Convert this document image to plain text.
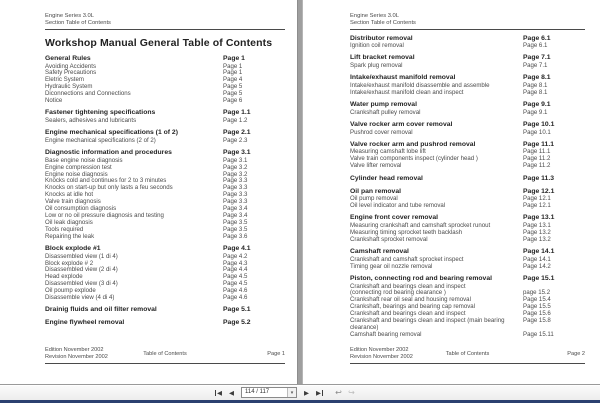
Engine Series 3.0L
Section Table of Contents
Workshop Manual General Table of Contents
General Rules	Page 1
Avoiding Accidents	Page 1
Safety Precautions	Page 1
Eletric System	Page 4
Hydraulic System	Page 5
Diconnections and Connections	Page 5
Notice	Page 6
Fastener tightening specifications	Page 1.1
Sealers, adhesives and lubricants	Page 1.2
Engine mechanical specifications (1 of 2)	Page 2.1
Engine mechanical specifications (2 of 2)	Page 2.3
Diagnostic information and procedures	Page 3.1
Base engine noise diagnosis	Page 3.1
Engine compression test	Page 3.2
Engine noise diagnosis	Page 3.2
Knocks cold and continues for 2 to 3 minutes	Page 3.3
Knocks on start-up but only lasts a feu seconds	Page 3.3
Knocks at idle hot	Page 3.3
Valve train diagnosis	Page 3.3
Oil consumption diagnosis	Page 3.4
Low or no oil pressure diagnosis and testing	Page 3.4
Oil leak diagnosis	Page 3.5
Tools required	Page 3.5
Repairing the leak	Page 3.6
Block explode #1	Page 4.1
Disassembled view (1 di 4)	Page 4.2
Block explode # 2	Page 4.3
Disassembled view (2 di 4)	Page 4.4
Head explode	Page 4.5
Disassembled view (3 di 4)	Page 4.5
Oil poump explode	Page 4.6
Disassemble view (4 di 4)	Page 4.6
Drainig fluids and oil filter removal	Page 5.1
Engine flywheel removal	Page 5.2
Edition November 2002
Revision November 2002	Table of Contents	Page 1
Engine Series 3.0L
Section Table of Contents
Distributor removal	Page 6.1
Ignition coil removal	Page 6.1
Lift bracket removal	Page 7.1
Spark plug removal	Page 7.1
Intake/exhaust manifold removal	Page 8.1
Intake/exhaust manifold disassemble and assemble	Page 8.1
Intake/exhaust manifold clean and inspect	Page 8.1
Water pump removal	Page 9.1
Crankshaft pulley removal	Page 9.1
Valve rocker arm cover removal	Page 10.1
Pushrod cover removal	Page 10.1
Valve rocker arm and pushrod removal	Page 11.1
Measuring camshaft lobe lift	Page 11.1
Valve train components inspect (cylinder head )	Page 11.2
Valve lifter removal	Page 11.2
Cylinder head removal	Page 11.3
Oil pan removal	Page 12.1
Oil pump removal	Page 12.1
Oil level indicator and tube removal	Page 12.1
Engine front cover removal	Page 13.1
Measuring crankshaft and camshaft sprocket runout	Page 13.1
Measuring timing sprocket teeth backlash	Page 13.2
Crankshaft sprocket removal	Page 13.2
Camshaft removal	Page 14.1
Crankshaft and camshaft sprocket inspect	Page 14.1
Timing gear oil nozzle removal	Page 14.2
Piston, connecting rod and bearing removal	Page 15.1
Crankshaft and bearings clean and inspect
(connecting rod bearing clearance )	page 15.2
Crankshaft rear oil seal and housing removal	Page 15.4
Crankshaft, bearings and bearing cap removal	Page 15.5
Crankshaft and bearings clean and inspect	Page 15.6
Crankshaft and bearings clean and inspect (main bearing clearance)
Page 15.8
Camshaft bearing removal	Page 15.11
Edition November 2002
Revision November 2002	Table of Contents	Page 2
◀ ◀	114 / 117	▾ ▶ ▶ ↩ ↪
